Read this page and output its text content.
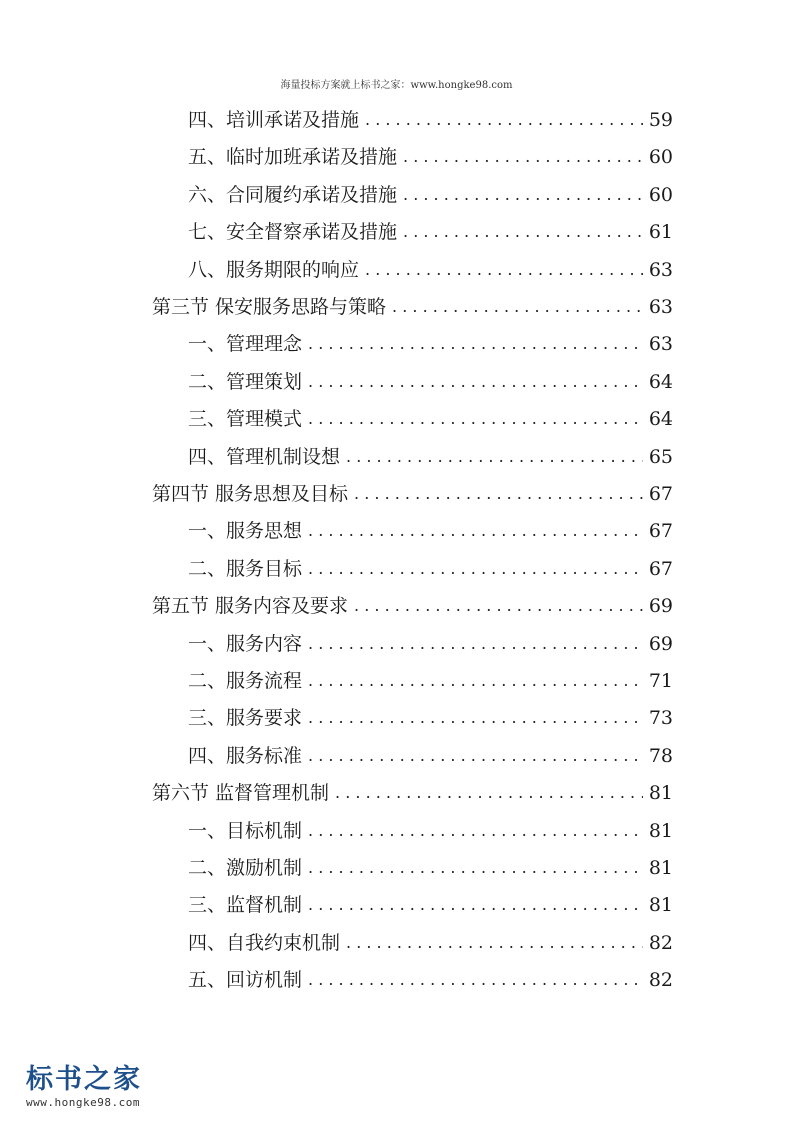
海量投标方案就上标书之家：www.hongke98.com
四、培训承诺及措施 . . .	59
五、临时加班承诺及措施 . . .	60
六、合同履约承诺及措施 . . .	60
七、安全督察承诺及措施 . . .	61
八、服务期限的响应 . . .	63
第三节 保安服务思路与策略 . . .	63
一、管理理念 . . .	63
二、管理策划 . . .	64
三、管理模式 . . .	64
四、管理机制设想 . . .	65
第四节 服务思想及目标 . . .	67
一、服务思想 . . .	67
二、服务目标 . . .	67
第五节 服务内容及要求 . . .	69
一、服务内容 . . .	69
二、服务流程 . . .	71
三、服务要求 . . .	73
四、服务标准 . . .	78
第六节 监督管理机制 . . .	81
一、目标机制 . . .	81
二、激励机制 . . .	81
三、监督机制 . . .	81
四、自我约束机制 . . .	82
五、回访机制 . . .	82
标书之家
www.hongke98.com
